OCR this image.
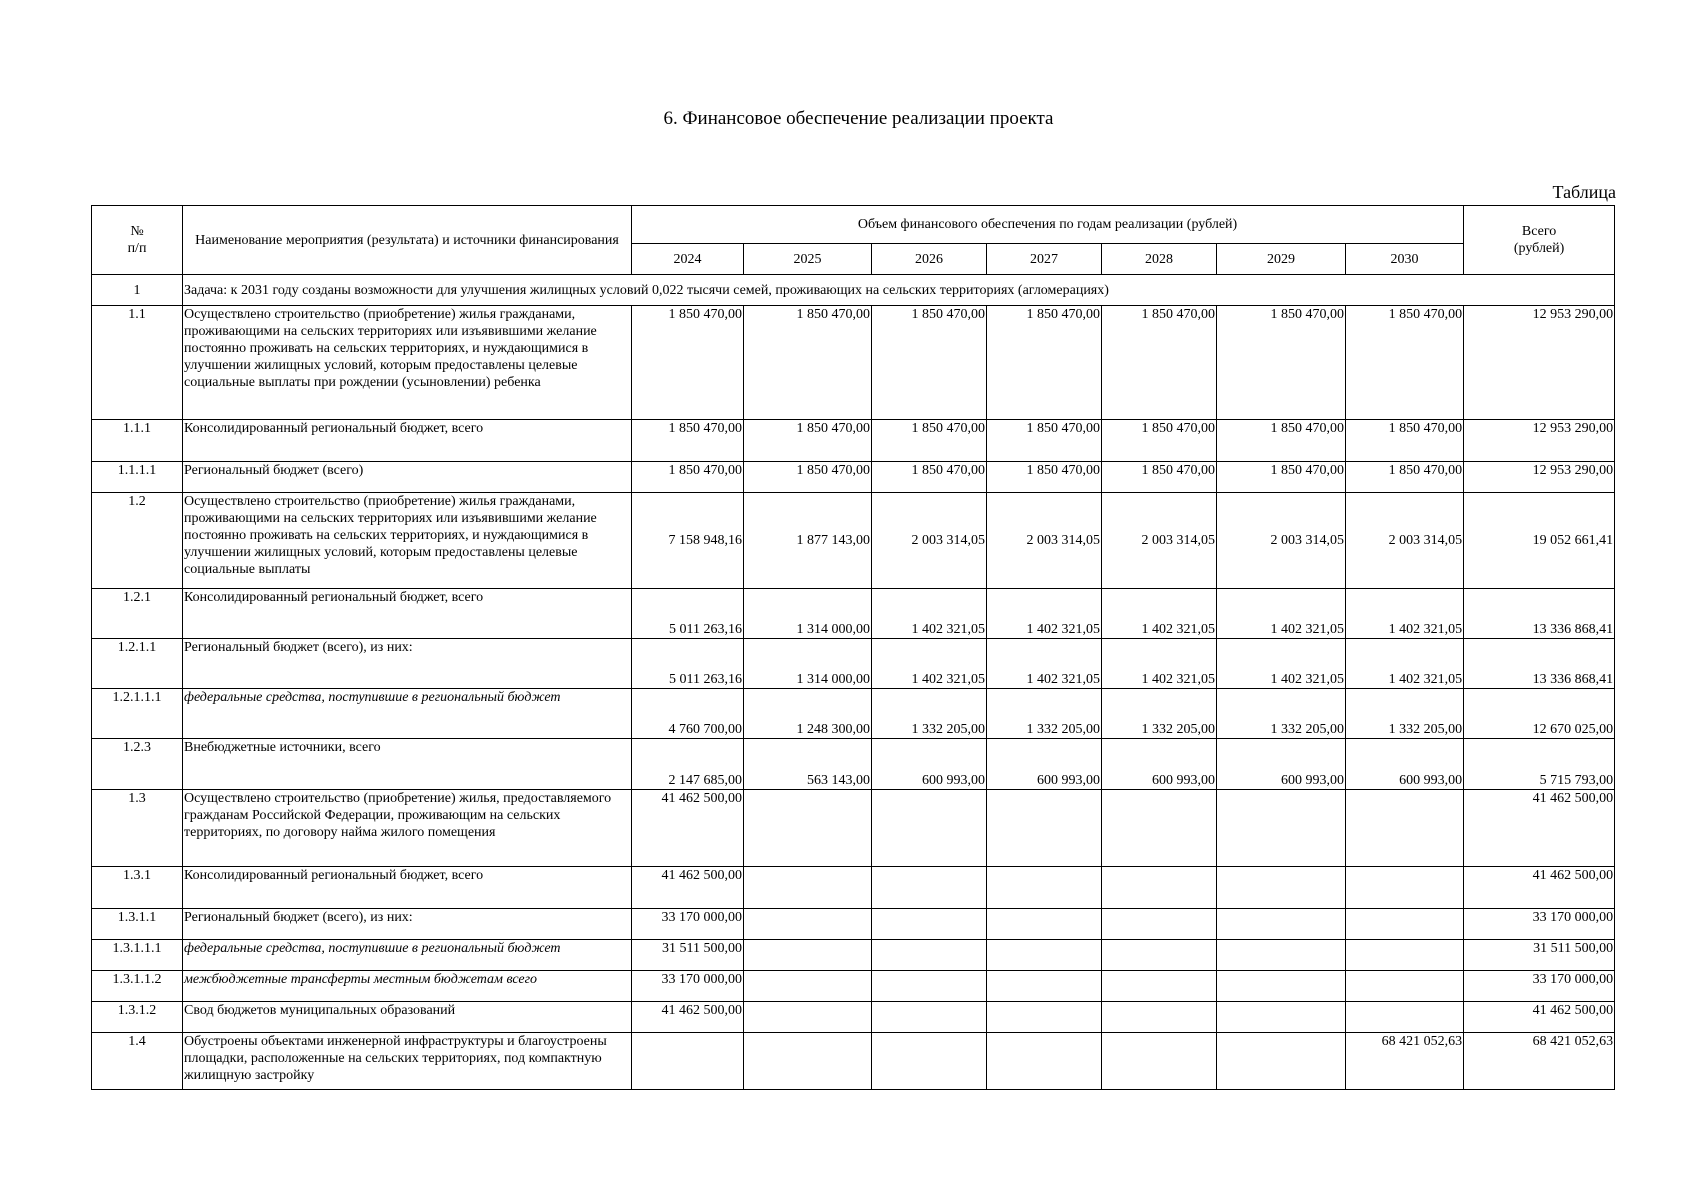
6. Финансовое обеспечение реализации проекта
Таблица
№
п/п	Наименование мероприятия (результата) и источники финансирования	Объем финансового обеспечения по годам реализации (рублей)							Всего
(рублей)
		2024	2025	2026	2027	2028	2029	2030	
1	Задача: к 2031 году созданы возможности для улучшения жилищных условий 0,022 тысячи семей, проживающих на сельских территориях (агломерациях)								
1.1	Осуществлено строительство (приобретение) жилья гражданами, проживающими на сельских территориях или изъявившими желание постоянно проживать на сельских территориях, и нуждающимися в улучшении жилищных условий, которым предоставлены целевые социальные выплаты при рождении (усыновлении) ребенка	1 850 470,00	1 850 470,00	1 850 470,00	1 850 470,00	1 850 470,00	1 850 470,00	1 850 470,00	12 953 290,00
1.1.1	Консолидированный региональный бюджет, всего	1 850 470,00	1 850 470,00	1 850 470,00	1 850 470,00	1 850 470,00	1 850 470,00	1 850 470,00	12 953 290,00
1.1.1.1	Региональный бюджет (всего)	1 850 470,00	1 850 470,00	1 850 470,00	1 850 470,00	1 850 470,00	1 850 470,00	1 850 470,00	12 953 290,00
1.2	Осуществлено строительство (приобретение) жилья гражданами, проживающими на сельских территориях или изъявившими желание постоянно проживать на сельских территориях, и нуждающимися в улучшении жилищных условий, которым предоставлены целевые социальные выплаты	7 158 948,16	1 877 143,00	2 003 314,05	2 003 314,05	2 003 314,05	2 003 314,05	2 003 314,05	19 052 661,41
1.2.1	Консолидированный региональный бюджет, всего	5 011 263,16	1 314 000,00	1 402 321,05	1 402 321,05	1 402 321,05	1 402 321,05	1 402 321,05	13 336 868,41
1.2.1.1	Региональный бюджет (всего), из них:	5 011 263,16	1 314 000,00	1 402 321,05	1 402 321,05	1 402 321,05	1 402 321,05	1 402 321,05	13 336 868,41
1.2.1.1.1	федеральные средства, поступившие в региональный бюджет	4 760 700,00	1 248 300,00	1 332 205,00	1 332 205,00	1 332 205,00	1 332 205,00	1 332 205,00	12 670 025,00
1.2.3	Внебюджетные источники, всего	2 147 685,00	563 143,00	600 993,00	600 993,00	600 993,00	600 993,00	600 993,00	5 715 793,00
1.3	Осуществлено строительство (приобретение) жилья, предоставляемого гражданам Российской Федерации, проживающим на сельских территориях, по договору найма жилого помещения	41 462 500,00							41 462 500,00
1.3.1	Консолидированный региональный бюджет, всего	41 462 500,00							41 462 500,00
1.3.1.1	Региональный бюджет (всего), из них:	33 170 000,00							33 170 000,00
1.3.1.1.1	федеральные средства, поступившие в региональный бюджет	31 511 500,00							31 511 500,00
1.3.1.1.2	межбюджетные трансферты местным бюджетам всего	33 170 000,00							33 170 000,00
1.3.1.2	Свод бюджетов муниципальных образований	41 462 500,00							41 462 500,00
1.4	Обустроены объектами инженерной инфраструктуры и благоустроены площадки, расположенные на сельских территориях, под компактную жилищную застройку							68 421 052,63	68 421 052,63
